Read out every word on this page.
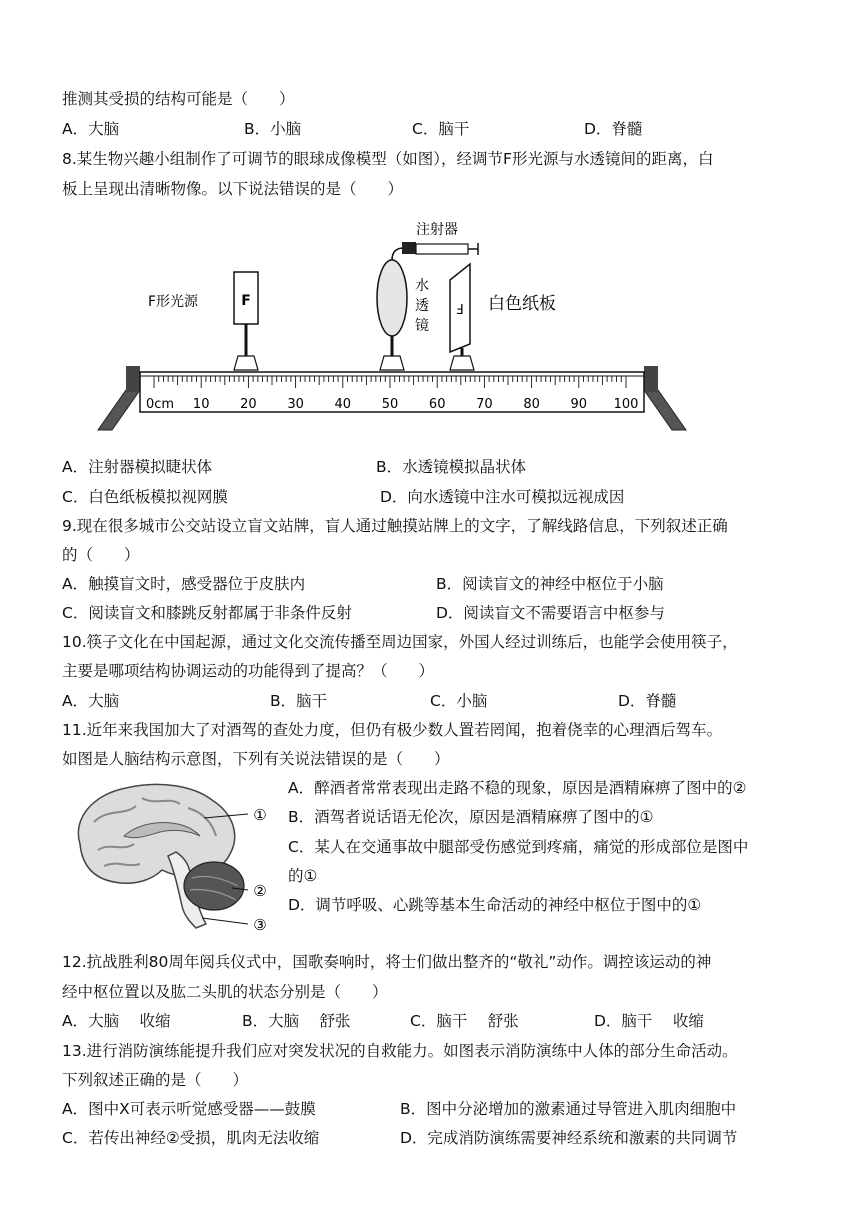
推测其受损的结构可能是（　　）
A．大脑	B．小脑	C．脑干	D．脊髓
8.某生物兴趣小组制作了可调节的眼球成像模型（如图），经调节F形光源与水透镜间的距离，白
板上呈现出清晰物像。以下说法错误的是（　　）
0cm 10 20 30 40 50 60 70 80 90 100
F
F形光源
注射器
水
透
镜
F 白色纸板
A．注射器模拟睫状体	B．水透镜模拟晶状体
C．白色纸板模拟视网膜	D．向水透镜中注水可模拟远视成因
9.现在很多城市公交站设立盲文站牌，盲人通过触摸站牌上的文字，了解线路信息，下列叙述正确
的（　　）
A．触摸盲文时，感受器位于皮肤内	B．阅读盲文的神经中枢位于小脑
C．阅读盲文和膝跳反射都属于非条件反射	D．阅读盲文不需要语言中枢参与
10.筷子文化在中国起源，通过文化交流传播至周边国家，外国人经过训练后，也能学会使用筷子，
主要是哪项结构协调运动的功能得到了提高？（　　）
A．大脑	B．脑干	C．小脑	D．脊髓
11.近年来我国加大了对酒驾的查处力度，但仍有极少数人置若罔闻，抱着侥幸的心理酒后驾车。
如图是人脑结构示意图，下列有关说法错误的是（　　）
①
②
③
A．醉酒者常常表现出走路不稳的现象，原因是酒精麻痹了图中的②
B．酒驾者说话语无伦次，原因是酒精麻痹了图中的①
C．某人在交通事故中腿部受伤感觉到疼痛，痛觉的形成部位是图中
的①
D．调节呼吸、心跳等基本生命活动的神经中枢位于图中的①
12.抗战胜利80周年阅兵仪式中，国歌奏响时，将士们做出整齐的“敬礼”动作。调控该运动的神
经中枢位置以及肱二头肌的状态分别是（　　）
A．大脑　 收缩	B．大脑　 舒张	C．脑干　 舒张	D．脑干　 收缩
13.进行消防演练能提升我们应对突发状况的自救能力。如图表示消防演练中人体的部分生命活动。
下列叙述正确的是（　　）
A．图中X可表示听觉感受器——鼓膜	B．图中分泌增加的激素通过导管进入肌肉细胞中
C．若传出神经②受损，肌肉无法收缩	D．完成消防演练需要神经系统和激素的共同调节
